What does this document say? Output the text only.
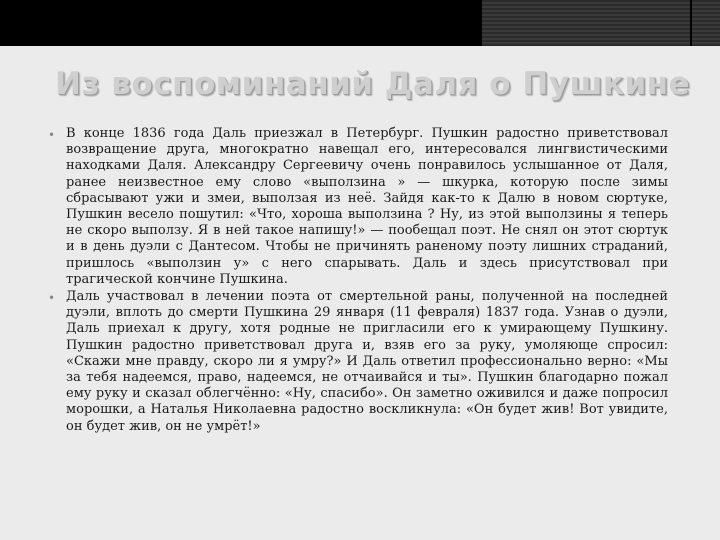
Из воспоминаний Даля о Пушкине
• В конце 1836 года Даль приезжал в Петербург. Пушкин радостно приветствовал возвращение друга, многократно навещал его, интересовался лингвистическими находками Даля. Александру Сергеевичу очень понравилось услышанное от Даля, ранее неизвестное ему слово «выползина » — шкурка, которую после зимы сбрасывают ужи и змеи, выползая из неё. Зайдя как-то к Далю в новом сюртуке, Пушкин весело пошутил: «Что, хороша выползина ? Ну, из этой выползины я теперь не скоро выползу. Я в ней такое напишу!» — пообещал поэт. Не снял он этот сюртук и в день дуэли с Дантесом. Чтобы не причинять раненому поэту лишних страданий, пришлось «выползин у» с него спарывать. Даль и здесь присутствовал при трагической кончине Пушкина.
• Даль участвовал в лечении поэта от смертельной раны, полученной на последней дуэли, вплоть до смерти Пушкина 29 января (11 февраля) 1837 года. Узнав о дуэли, Даль приехал к другу, хотя родные не пригласили его к умирающему Пушкину. Пушкин радостно приветствовал друга и, взяв его за руку, умоляюще спросил: «Скажи мне правду, скоро ли я умру?» И Даль ответил профессионально верно: «Мы за тебя надеемся, право, надеемся, не отчаивайся и ты». Пушкин благодарно пожал ему руку и сказал облегчённо: «Ну, спасибо». Он заметно оживился и даже попросил морошки, а Наталья Николаевна радостно воскликнула: «Он будет жив! Вот увидите, он будет жив, он не умрёт!»
